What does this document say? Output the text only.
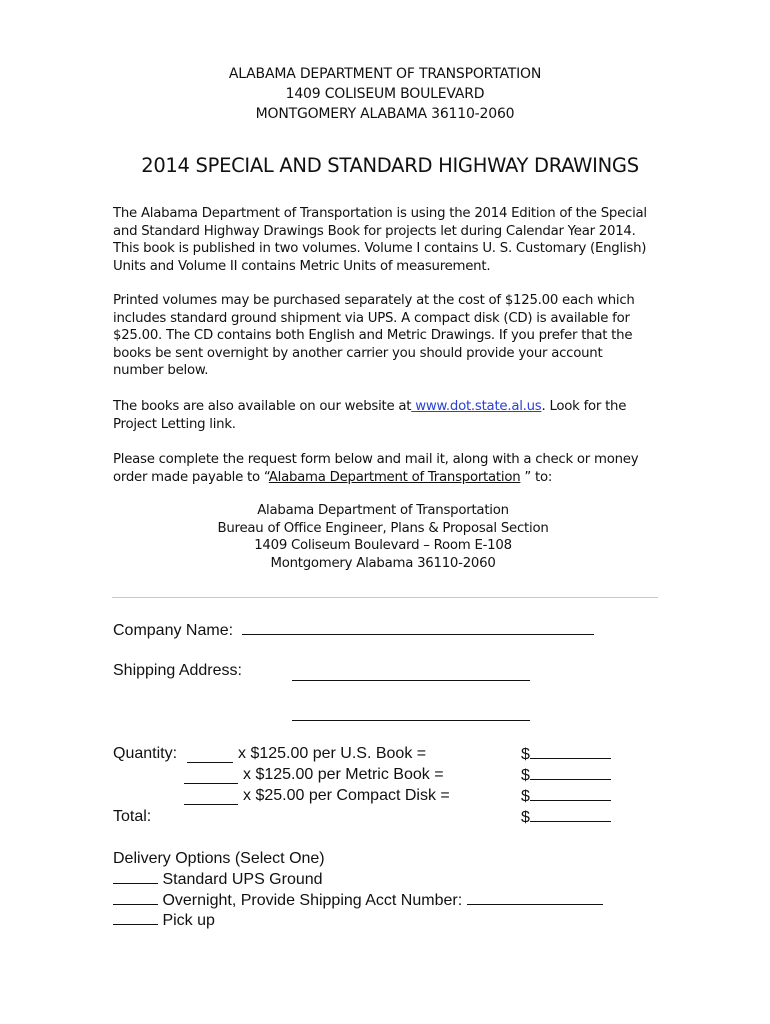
ALABAMA DEPARTMENT OF TRANSPORTATION
1409 COLISEUM BOULEVARD
MONTGOMERY ALABAMA 36110-2060
2014 SPECIAL AND STANDARD HIGHWAY DRAWINGS

The Alabama Department of Transportation is using the 2014 Edition of the Special and Standard Highway Drawings Book for projects let during Calendar Year 2014. This book is published in two volumes. Volume I contains U. S. Customary (English) Units and Volume II contains Metric Units of measurement.

Printed volumes may be purchased separately at the cost of $125.00 each which includes standard ground shipment via UPS. A compact disk (CD) is available for $25.00. The CD contains both English and Metric Drawings. If you prefer that the books be sent overnight by another carrier you should provide your account number below.

The books are also available on our website at www.dot.state.al.us. Look for the Project Letting link.

Please complete the request form below and mail it, along with a check or money order made payable to “Alabama Department of Transportation ” to:

Alabama Department of Transportation
Bureau of Office Engineer, Plans & Proposal Section
1409 Coliseum Boulevard – Room E-108
Montgomery Alabama 36110-2060
Company Name:
Shipping Address:
Quantity:	x $125.00 per U.S. Book =	$
x $125.00 per Metric Book =	$
x $25.00 per Compact Disk =	$
Total:	$
Delivery Options (Select One)
Standard UPS Ground
Overnight, Provide Shipping Acct Number:
Pick up
